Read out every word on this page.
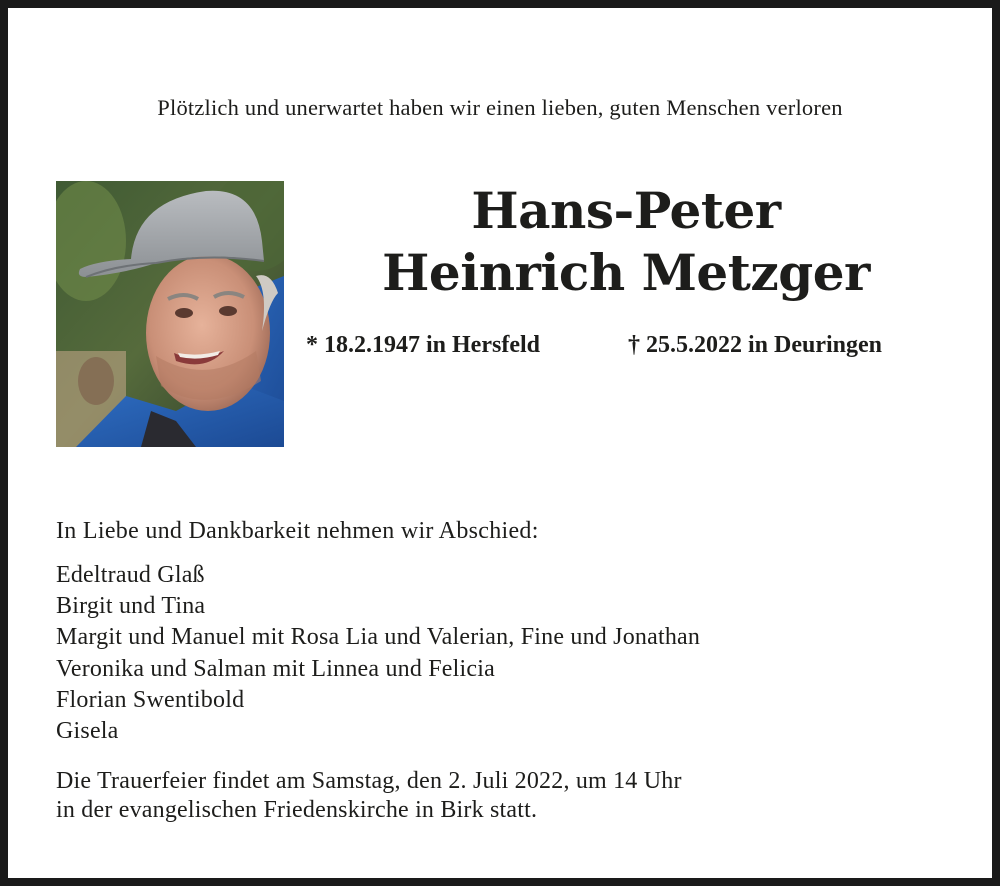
Plötzlich und unerwartet haben wir einen lieben, guten Menschen verloren
Hans-Peter
Heinrich Metzger
* 18.2.1947 in Hersfeld	† 25.5.2022 in Deuringen
In Liebe und Dankbarkeit nehmen wir Abschied:
Edeltraud Glaß
Birgit und Tina
Margit und Manuel mit Rosa Lia und Valerian, Fine und Jonathan
Veronika und Salman mit Linnea und Felicia
Florian Swentibold
Gisela
Die Trauerfeier findet am Samstag, den 2. Juli 2022, um 14 Uhr
in der evangelischen Friedenskirche in Birk statt.
